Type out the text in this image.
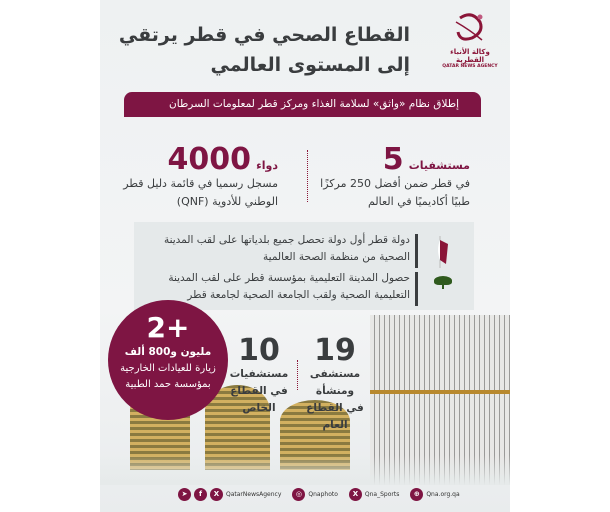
وكالة الأنباء القطرية
QATAR NEWS AGENCY
القطاع الصحي في قطر يرتقي
إلى المستوى العالمي
إطلاق نظام «واثق» لسلامة الغذاء ومركز قطر لمعلومات السرطان
مستشفيات 5
في قطر ضمن أفضل 250 مركزًا
طبيًا أكاديميًا في العالم
دواء 4000
مسجل رسميا في قائمة دليل قطر
الوطني للأدوية (QNF)
دولة قطر أول دولة تحصل جميع بلدياتها على لقب المدينة
الصحية من منظمة الصحة العالمية
حصول المدينة التعليمية بمؤسسة قطر على لقب المدينة
التعليمية الصحية ولقب الجامعة الصحية لجامعة قطر
2+
مليون و800 ألف
زيارة للعيادات الخارجية
بمؤسسة حمد الطبية
19
مستشفى ومنشأة
في القطاع العام
10
مستشفيات
في القطاع الخاص
➤	f	X	QatarNewsAgency	◎	Qnaphoto	X	Qna_Sports	⊕	Qna.org.qa
